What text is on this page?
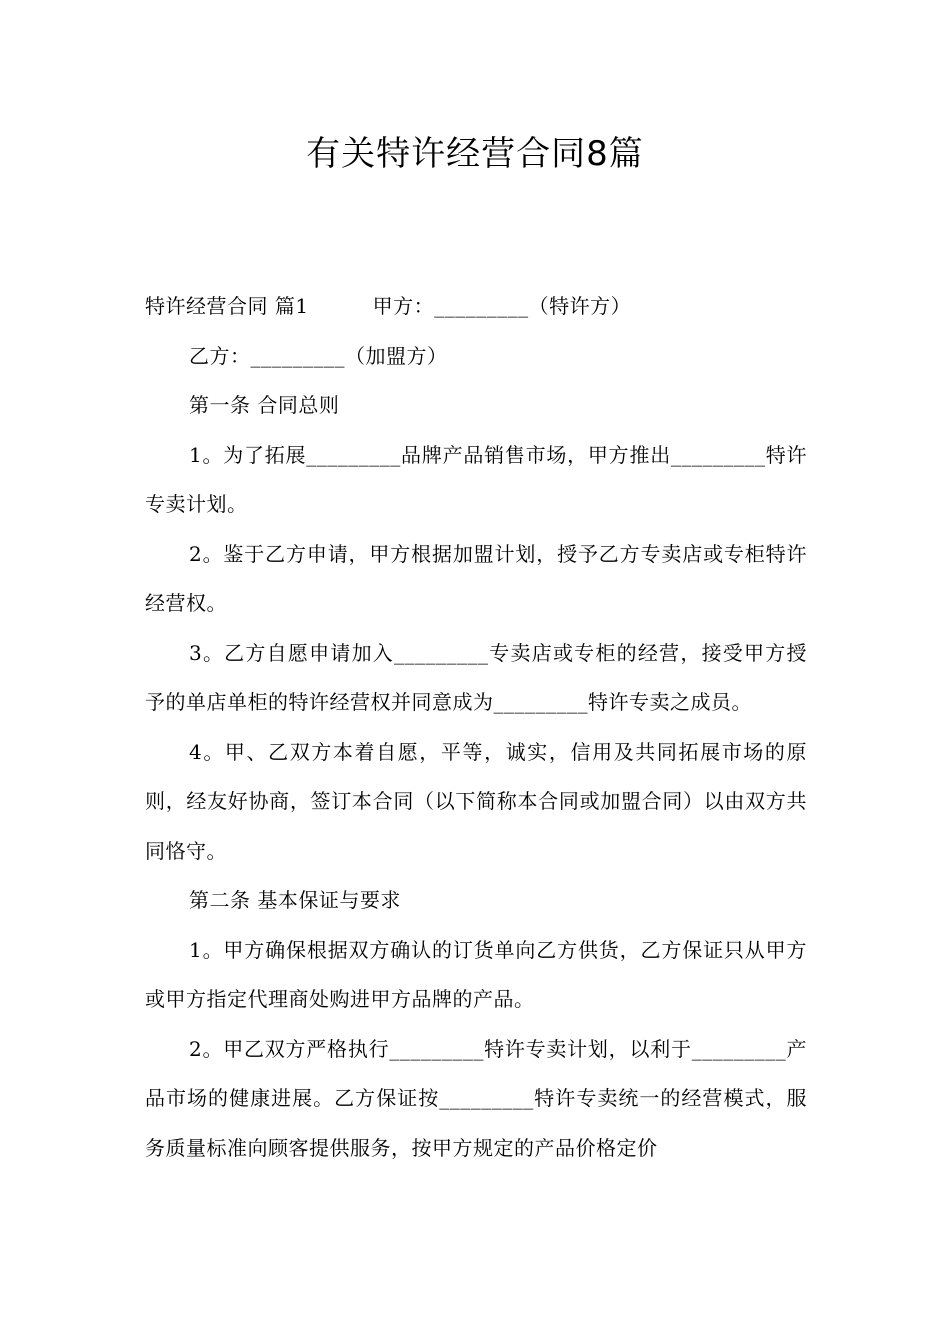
有关特许经营合同8篇

特许经营合同 篇1	甲方：_________（特许方）

乙方：_________（加盟方）

第一条 合同总则

1。为了拓展_________品牌产品销售市场，甲方推出_________特许专卖计划。

2。鉴于乙方申请，甲方根据加盟计划，授予乙方专卖店或专柜特许经营权。

3。乙方自愿申请加入_________专卖店或专柜的经营，接受甲方授予的单店单柜的特许经营权并同意成为_________特许专卖之成员。

4。甲、乙双方本着自愿，平等，诚实，信用及共同拓展市场的原则，经友好协商，签订本合同（以下简称本合同或加盟合同）以由双方共同恪守。

第二条 基本保证与要求

1。甲方确保根据双方确认的订货单向乙方供货，乙方保证只从甲方或甲方指定代理商处购进甲方品牌的产品。

2。甲乙双方严格执行_________特许专卖计划，以利于_________产品市场的健康进展。乙方保证按_________特许专卖统一的经营模式，服务质量标准向顾客提供服务，按甲方规定的产品价格定价
